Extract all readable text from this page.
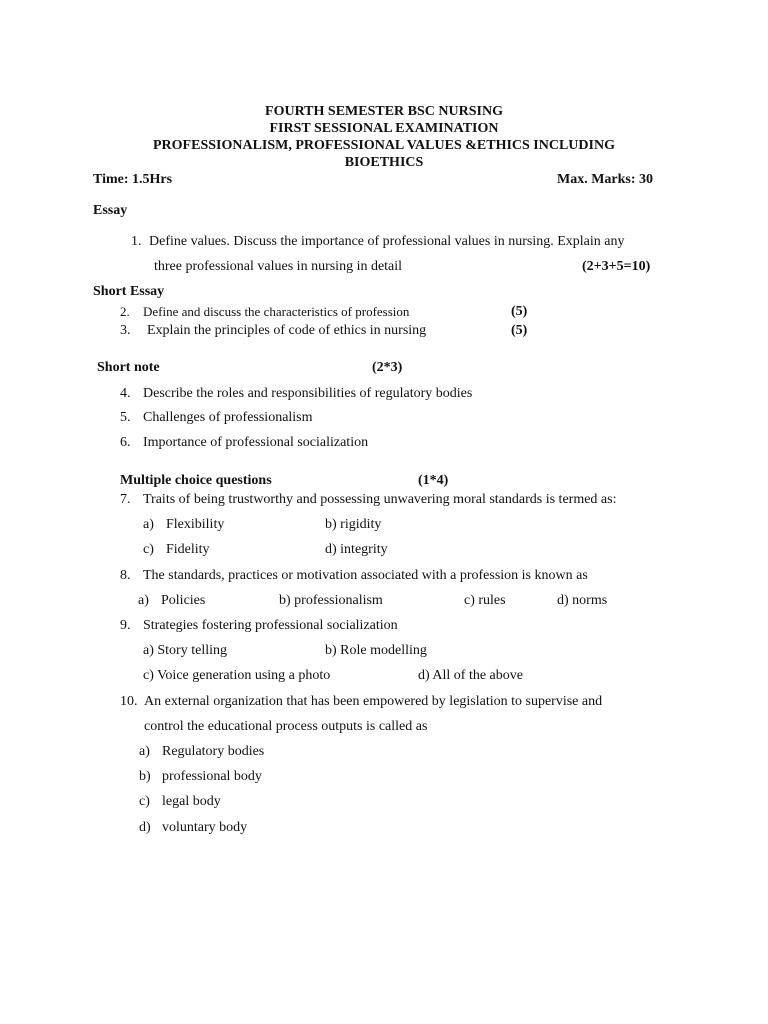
FOURTH SEMESTER BSC NURSING
FIRST SESSIONAL EXAMINATION
PROFESSIONALISM, PROFESSIONAL VALUES &ETHICS INCLUDING
BIOETHICS
Time: 1.5Hrs	Max. Marks: 30
Essay
1. Define values. Discuss the importance of professional values in nursing. Explain any
three professional values in nursing in detail	(2+3+5=10)
Short Essay
2. Define and discuss the characteristics of profession	(5)
3. Explain the principles of code of ethics in nursing	(5)
Short note	(2*3)
4. Describe the roles and responsibilities of regulatory bodies
5. Challenges of professionalism
6. Importance of professional socialization
Multiple choice questions	(1*4)
7. Traits of being trustworthy and possessing unwavering moral standards is termed as:
a) Flexibility	b) rigidity
c) Fidelity	d) integrity
8. The standards, practices or motivation associated with a profession is known as
a) Policies	b) professionalism	c) rules	d) norms
9. Strategies fostering professional socialization
a) Story telling	b) Role modelling
c) Voice generation using a photo	d) All of the above
10. An external organization that has been empowered by legislation to supervise and
control the educational process outputs is called as
a) Regulatory bodies
b) professional body
c) legal body
d) voluntary body
